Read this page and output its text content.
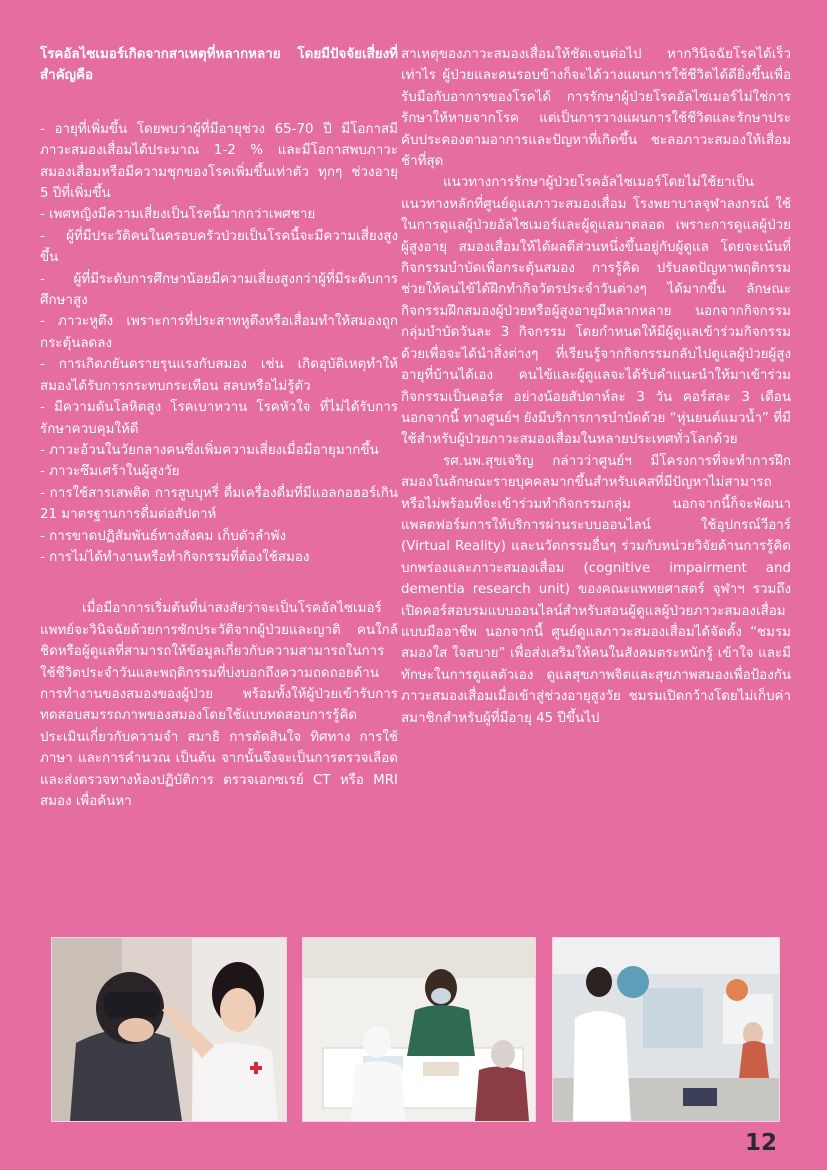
โรคอัลไซเมอร์เกิดจากสาเหตุที่หลากหลาย โดยมีปัจจัยเสี่ยงที่สำคัญคือ

- อายุที่เพิ่มขึ้น โดยพบว่าผู้ที่มีอายุช่วง 65-70 ปี มีโอกาสมีภาวะสมองเสื่อมได้ประมาณ 1-2 % และมีโอกาสพบภาวะสมองเสื่อมหรือมีความชุกของโรคเพิ่มขึ้นเท่าตัว ทุกๆ ช่วงอายุ 5 ปีที่เพิ่มขึ้น

- เพศหญิงมีความเสี่ยงเป็นโรคนี้มากกว่าเพศชาย

- ผู้ที่มีประวัติคนในครอบครัวป่วยเป็นโรคนี้จะมีความเสี่ยงสูงขึ้น

- ผู้ที่มีระดับการศึกษาน้อยมีความเสี่ยงสูงกว่าผู้ที่มีระดับการศึกษาสูง

- ภาวะหูตึง เพราะการที่ประสาทหูตึงหรือเสื่อมทำให้สมองถูกกระตุ้นลดลง

- การเกิดภยันตรายรุนแรงกับสมอง เช่น เกิดอุบัติเหตุทำให้สมองได้รับการกระทบกระเทือน สลบหรือไม่รู้ตัว

- มีความดันโลหิตสูง โรคเบาหวาน โรคหัวใจ ที่ไม่ได้รับการรักษาควบคุมให้ดี

- ภาวะอ้วนในวัยกลางคนซึ่งเพิ่มความเสี่ยงเมื่อมีอายุมากขึ้น

- ภาวะซึมเศร้าในผู้สูงวัย

- การใช้สารเสพติด การสูบบุหรี่ ดื่มเครื่องดื่มที่มีแอลกอฮอร์เกิน 21 มาตรฐานการดื่มต่อสัปดาห์

- การขาดปฏิสัมพันธ์ทางสังคม เก็บตัวลำพัง

- การไม่ได้ทำงานหรือทำกิจกรรมที่ต้องใช้สมอง

เมื่อมีอาการเริ่มต้นที่น่าสงสัยว่าจะเป็นโรคอัลไซเมอร์ แพทย์จะวินิจฉัยด้วยการซักประวัติจากผู้ป่วยและญาติ คนใกล้ชิดหรือผู้ดูแลที่สามารถให้ข้อมูลเกี่ยวกับความสามารถในการใช้ชีวิตประจำวันและพฤติกรรมที่บ่งบอกถึงความถดถอยด้านการทำงานของสมองของผู้ป่วย พร้อมทั้งให้ผู้ป่วยเข้ารับการทดสอบสมรรถภาพของสมองโดยใช้แบบทดสอบการรู้คิด ประเมินเกี่ยวกับความจำ สมาธิ การตัดสินใจ ทิศทาง การใช้ภาษา และการคำนวณ เป็นต้น จากนั้นจึงจะเป็นการตรวจเลือดและส่งตรวจทางห้องปฏิบัติการ ตรวจเอกซเรย์ CT หรือ MRI สมอง เพื่อค้นหา

สาเหตุของภาวะสมองเสื่อมให้ชัดเจนต่อไป หากวินิจฉัยโรคได้เร็วเท่าไร ผู้ป่วยและคนรอบข้างก็จะได้วางแผนการใช้ชีวิตได้ดียิ่งขึ้นเพื่อรับมือกับอาการของโรคได้ การรักษาผู้ป่วยโรคอัลไซเมอร์ไม่ใช่การรักษาให้หายจากโรค แต่เป็นการวางแผนการใช้ชีวิตและรักษาประคับประคองตามอาการและปัญหาที่เกิดขึ้น ชะลอภาวะสมองให้เสื่อมช้าที่สุด

แนวทางการรักษาผู้ป่วยโรคอัลไซเมอร์โดยไม่ใช้ยาเป็นแนวทางหลักที่ศูนย์ดูแลภาวะสมองเสื่อม โรงพยาบาลจุฬาลงกรณ์ ใช้ในการดูแลผู้ป่วยอัลไซเมอร์และผู้ดูแลมาตลอด เพราะการดูแลผู้ป่วย ผู้สูงอายุ สมองเสื่อมให้ได้ผลดีส่วนหนึ่งขึ้นอยู่กับผู้ดูแล โดยจะเน้นที่กิจกรรมบำบัดเพื่อกระตุ้นสมอง การรู้คิด ปรับลดปัญหาพฤติกรรม ช่วยให้คนไข้ได้ฝึกทำกิจวัตรประจำวันต่างๆ ได้มากขึ้น ลักษณะกิจกรรมฝึกสมองผู้ป่วยหรือผู้สูงอายุมีหลากหลาย นอกจากกิจกรรมกลุ่มบำบัดวันละ 3 กิจกรรม โดยกำหนดให้มีผู้ดูแลเข้าร่วมกิจกรรมด้วยเพื่อจะได้นำสิ่งต่างๆ ที่เรียนรู้จากกิจกรรมกลับไปดูแลผู้ป่วยผู้สูงอายุที่บ้านได้เอง คนไข้และผู้ดูแลจะได้รับคำแนะนำให้มาเข้าร่วมกิจกรรมเป็นคอร์ส อย่างน้อยสัปดาห์ละ 3 วัน คอร์สละ 3 เดือน นอกจากนี้ ทางศูนย์ฯ ยังมีบริการการบำบัดด้วย “หุ่นยนต์แมวน้ำ” ที่มีใช้สำหรับผู้ป่วยภาวะสมองเสื่อมในหลายประเทศทั่วโลกด้วย

รศ.นพ.สุขเจริญ กล่าวว่าศูนย์ฯ มีโครงการที่จะทำการฝึกสมองในลักษณะรายบุคคลมากขึ้นสำหรับเคสที่มีปัญหาไม่สามารถหรือไม่พร้อมที่จะเข้าร่วมทำกิจกรรมกลุ่ม นอกจากนี้ก็จะพัฒนาแพลตฟอร์มการให้บริการผ่านระบบออนไลน์ ใช้อุปกรณ์วีอาร์ (Virtual Reality) และนวัตกรรมอื่นๆ ร่วมกับหน่วยวิจัยด้านการรู้คิดบกพร่องและภาวะสมองเสื่อม (cognitive impairment and dementia research unit) ของคณะแพทยศาสตร์ จุฬาฯ รวมถึงเปิดคอร์สอบรมแบบออนไลน์สำหรับสอนผู้ดูแลผู้ป่วยภาวะสมองเสื่อมแบบมืออาชีพ นอกจากนี้ ศูนย์ดูแลภาวะสมองเสื่อมได้จัดตั้ง “ชมรมสมองใส ใจสบาย” เพื่อส่งเสริมให้คนในสังคมตระหนักรู้ เข้าใจ และมีทักษะในการดูแลตัวเอง ดูแลสุขภาพจิตและสุขภาพสมองเพื่อป้องกันภาวะสมองเสื่อมเมื่อเข้าสู่ช่วงอายุสูงวัย ชมรมเปิดกว้างโดยไม่เก็บค่าสมาชิกสำหรับผู้ที่มีอายุ 45 ปีขึ้นไป

12
